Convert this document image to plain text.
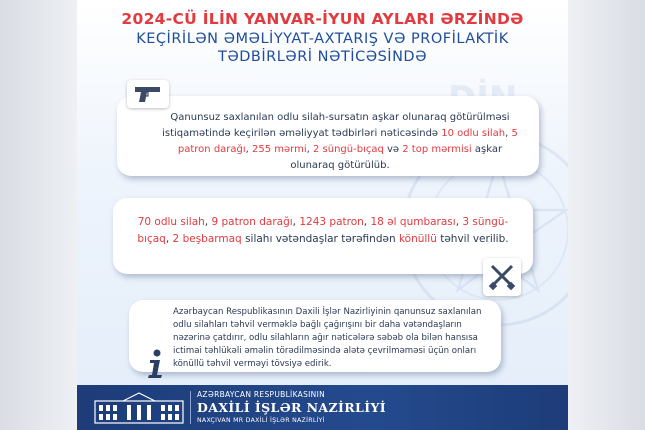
2024-CÜ İLİN YANVAR-İYUN AYLARI ƏRZİNDƏ
KEÇİRİLƏN ƏMƏLİYYAT-AXTARIŞ VƏ PROFİLAKTİK
TƏDBİRLƏRİ NƏTİCƏSİNDƏ
Qanunsuz saxlanılan odlu silah-sursatın aşkar olunaraq götürülməsi istiqamətində keçirilən əməliyyat tədbirləri nəticəsində 10 odlu silah, 5 patron darağı, 255 mərmi, 2 süngü-bıçaq və 2 top mərmisi aşkar olunaraq götürülüb.
70 odlu silah, 9 patron darağı, 1243 patron, 18 əl qumbarası, 3 süngü-bıçaq, 2 beşbarmaq silahı vətəndaşlar tərəfindən könüllü təhvil verilib.
Azərbaycan Respublikasının Daxili İşlər Nazirliyinin qanunsuz saxlanılan odlu silahları təhvil verməklə bağlı çağırışını bir daha vətəndaşların nəzərinə çatdırır, odlu silahların ağır nəticələrə səbəb ola bilən hansısa ictimai təhlükəli əməlin törədilməsində alətə çevrilməməsi üçün onları könüllü təhvil verməyi tövsiyə edirik.
AZƏRBAYCAN RESPUBLİKASININ
DAXİLİ İŞLƏR NAZİRLİYİ
NAXÇIVAN MR DAXİLİ İŞLƏR NAZİRLİYİ
